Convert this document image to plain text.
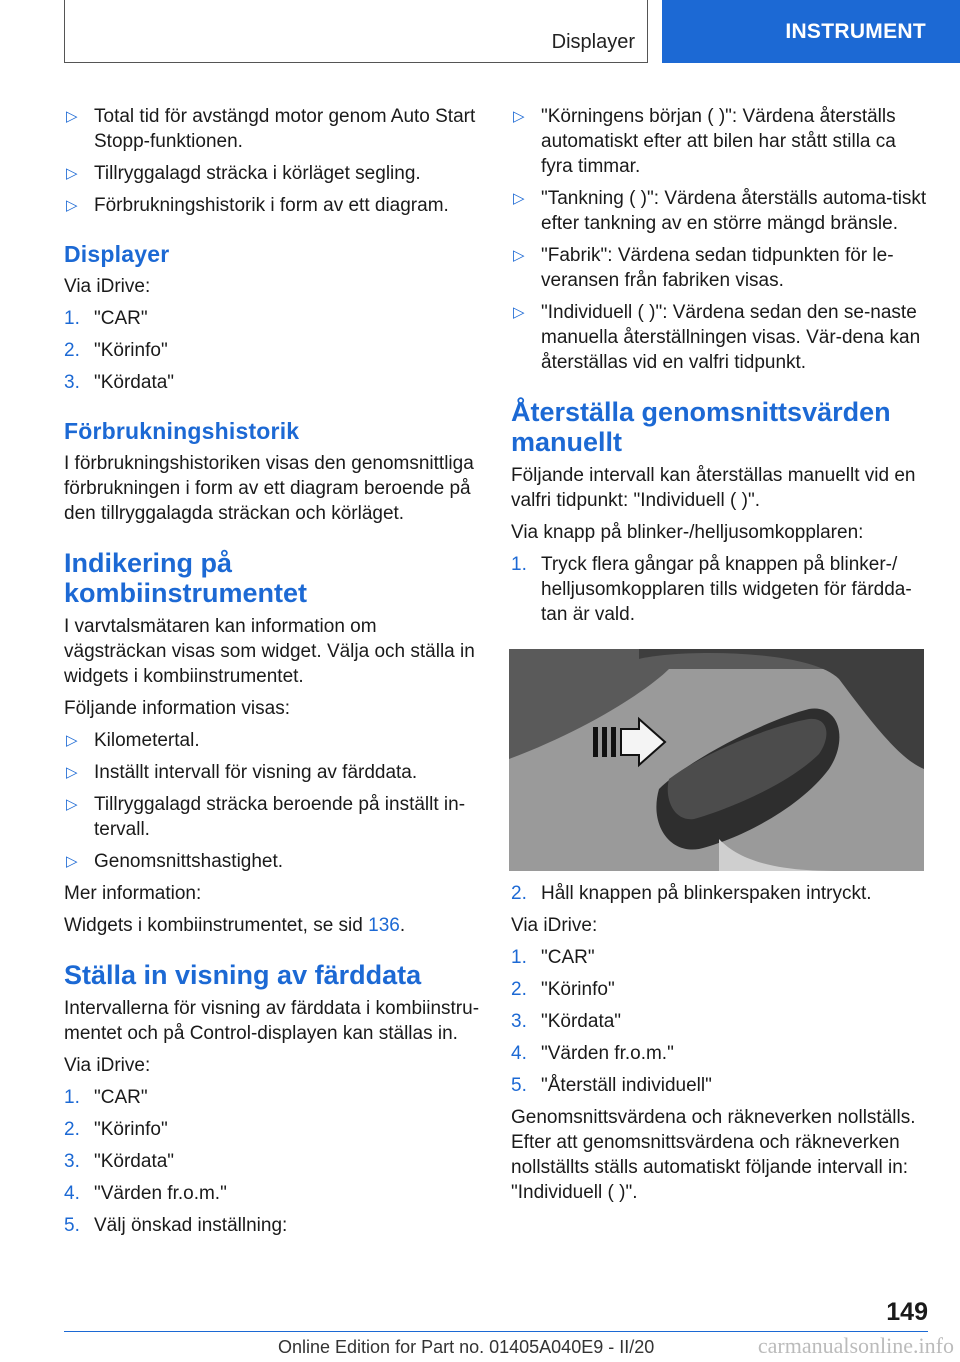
Displayer	INSTRUMENT
▷ Total tid för avstängd motor genom Auto Start Stopp-funktionen.
▷ Tillryggalagd sträcka i körläget segling.
▷ Förbrukningshistorik i form av ett diagram.
Displayer

Via iDrive:

1. "CAR"
2. "Körinfo"
3. "Kördata"
Förbrukningshistorik

I förbrukningshistoriken visas den genomsnittliga förbrukningen i form av ett diagram beroende på den tillryggalagda sträckan och körläget.

Indikering på kombiinstrumentet

I varvtalsmätaren kan information om vägsträckan visas som widget. Välja och ställa in widgets i kombiinstrumentet.

Följande information visas:

▷ Kilometertal.
▷ Inställt intervall för visning av färddata.
▷ Tillryggalagd sträcka beroende på inställt in-tervall.
▷ Genomsnittshastighet.

Mer information:

Widgets i kombiinstrumentet, se sid 136.

Ställa in visning av färddata

Intervallerna för visning av färddata i kombiinstru-mentet och på Control-displayen kan ställas in.

Via iDrive:

1. "CAR"
2. "Körinfo"
3. "Kördata"
4. "Värden fr.o.m."
5. Välj önskad inställning:
▷ "Körningens början ( )": Värdena återställs automatiskt efter att bilen har stått stilla ca fyra timmar.
▷ "Tankning ( )": Värdena återställs automa-tiskt efter tankning av en större mängd bränsle.
▷ "Fabrik": Värdena sedan tidpunkten för le-veransen från fabriken visas.
▷ "Individuell ( )": Värdena sedan den se-naste manuella återställningen visas. Vär-dena kan återställas vid en valfri tidpunkt.
Återställa genomsnittsvärden manuellt

Följande intervall kan återställas manuellt vid en valfri tidpunkt: "Individuell ( )".

Via knapp på blinker-/helljusomkopplaren:

1. Tryck flera gångar på knappen på blinker-/ helljusomkopplaren tills widgeten för färdda-tan är vald.
2. Håll knappen på blinkerspaken intryckt.

Via iDrive:

1. "CAR"
2. "Körinfo"
3. "Kördata"
4. "Värden fr.o.m."
5. "Återställ individuell"

Genomsnittsvärdena och räkneverken nollställs. Efter att genomsnittsvärdena och räkneverken nollställts ställs automatiskt följande intervall in: "Individuell ( )".

149
Online Edition for Part no. 01405A040E9 - II/20	carmanualsonline.info
